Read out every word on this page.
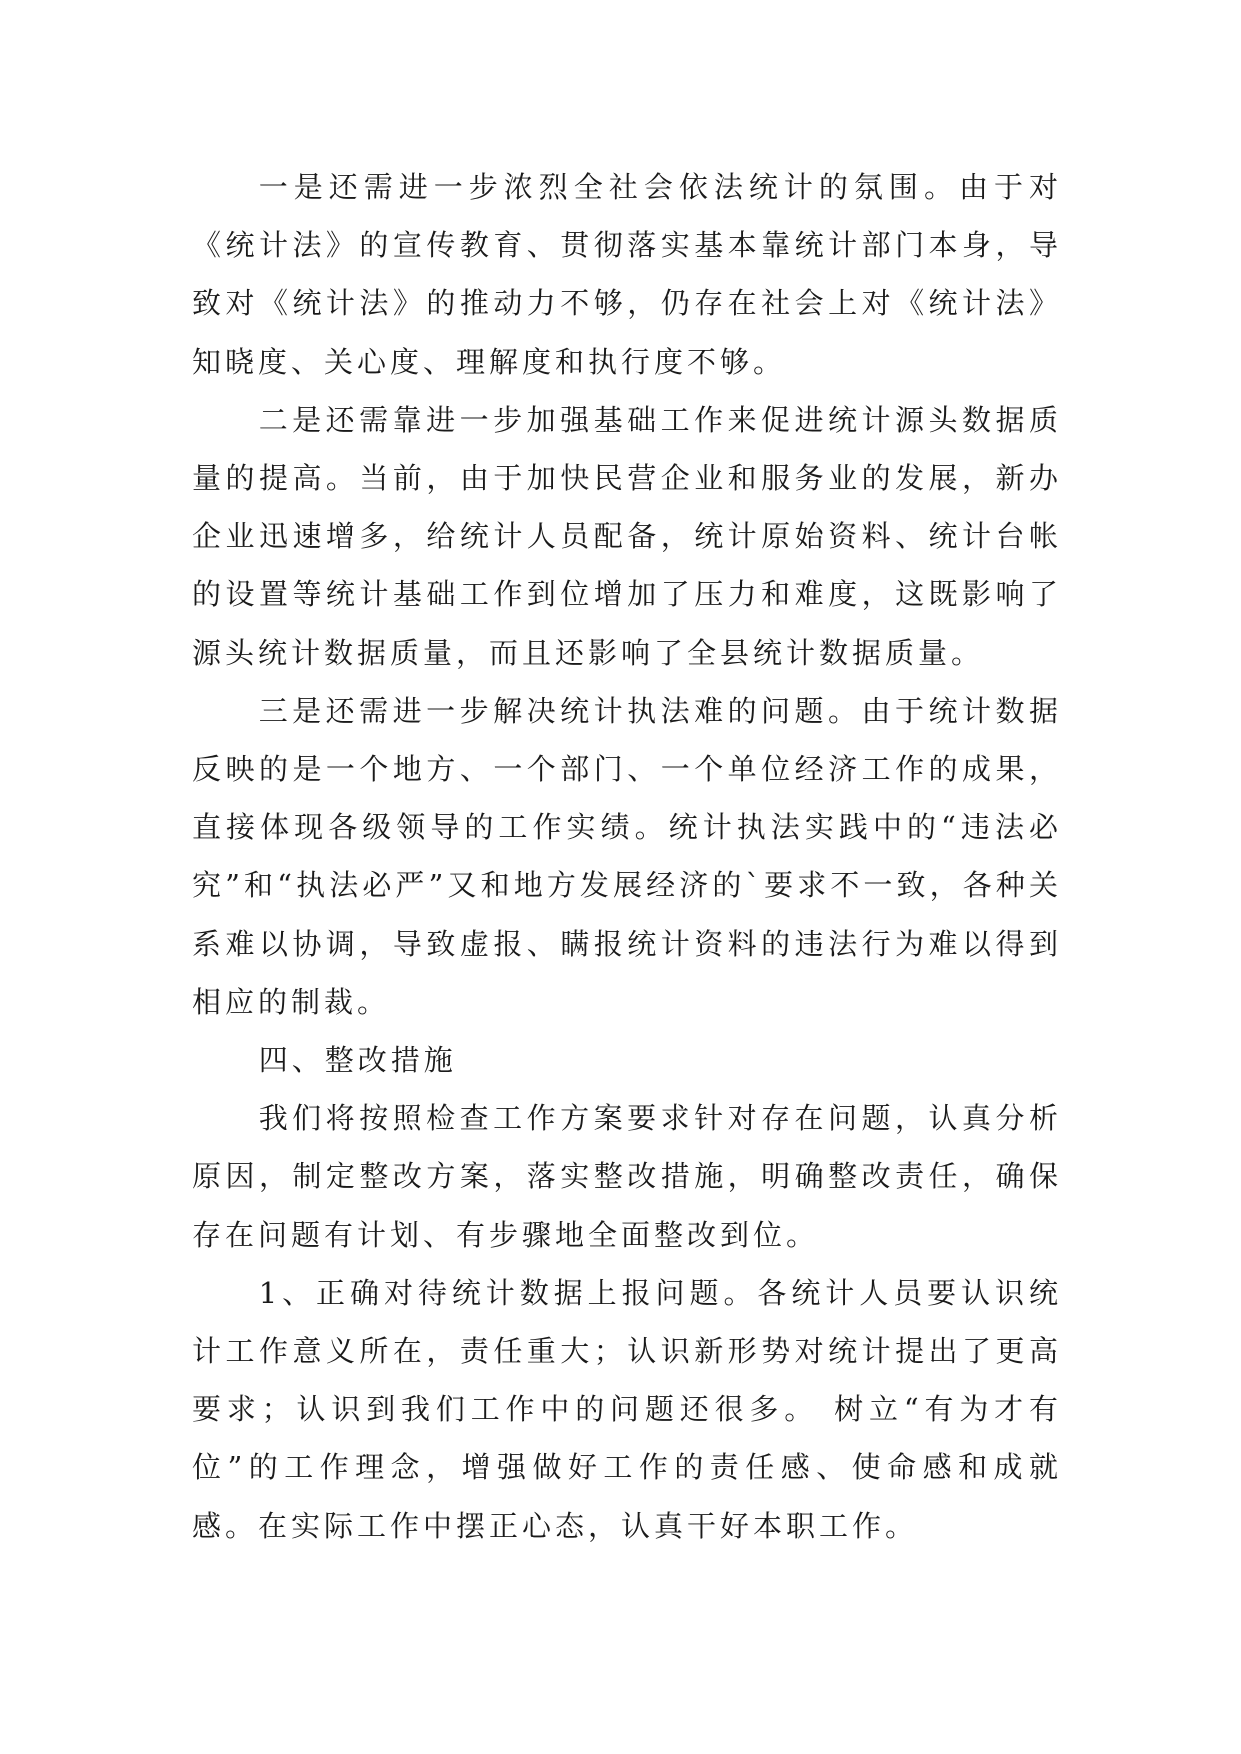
一是还需进一步浓烈全社会依法统计的氛围。由于对《统计法》的宣传教育、贯彻落实基本靠统计部门本身，导致对《统计法》的推动力不够，仍存在社会上对《统计法》知晓度、关心度、理解度和执行度不够。

二是还需靠进一步加强基础工作来促进统计源头数据质量的提高。当前，由于加快民营企业和服务业的发展，新办企业迅速增多，给统计人员配备，统计原始资料、统计台帐的设置等统计基础工作到位增加了压力和难度，这既影响了源头统计数据质量，而且还影响了全县统计数据质量。

三是还需进一步解决统计执法难的问题。由于统计数据反映的是一个地方、一个部门、一个单位经济工作的成果，直接体现各级领导的工作实绩。统计执法实践中的“违法必究”和“执法必严”又和地方发展经济的`要求不一致，各种关系难以协调，导致虚报、瞒报统计资料的违法行为难以得到相应的制裁。

四、整改措施

我们将按照检查工作方案要求针对存在问题，认真分析原因，制定整改方案，落实整改措施，明确整改责任，确保存在问题有计划、有步骤地全面整改到位。

1、正确对待统计数据上报问题。各统计人员要认识统计工作意义所在，责任重大；认识新形势对统计提出了更高要求；认识到我们工作中的问题还很多。 树立“有为才有位”的工作理念，增强做好工作的责任感、使命感和成就感。在实际工作中摆正心态，认真干好本职工作。
